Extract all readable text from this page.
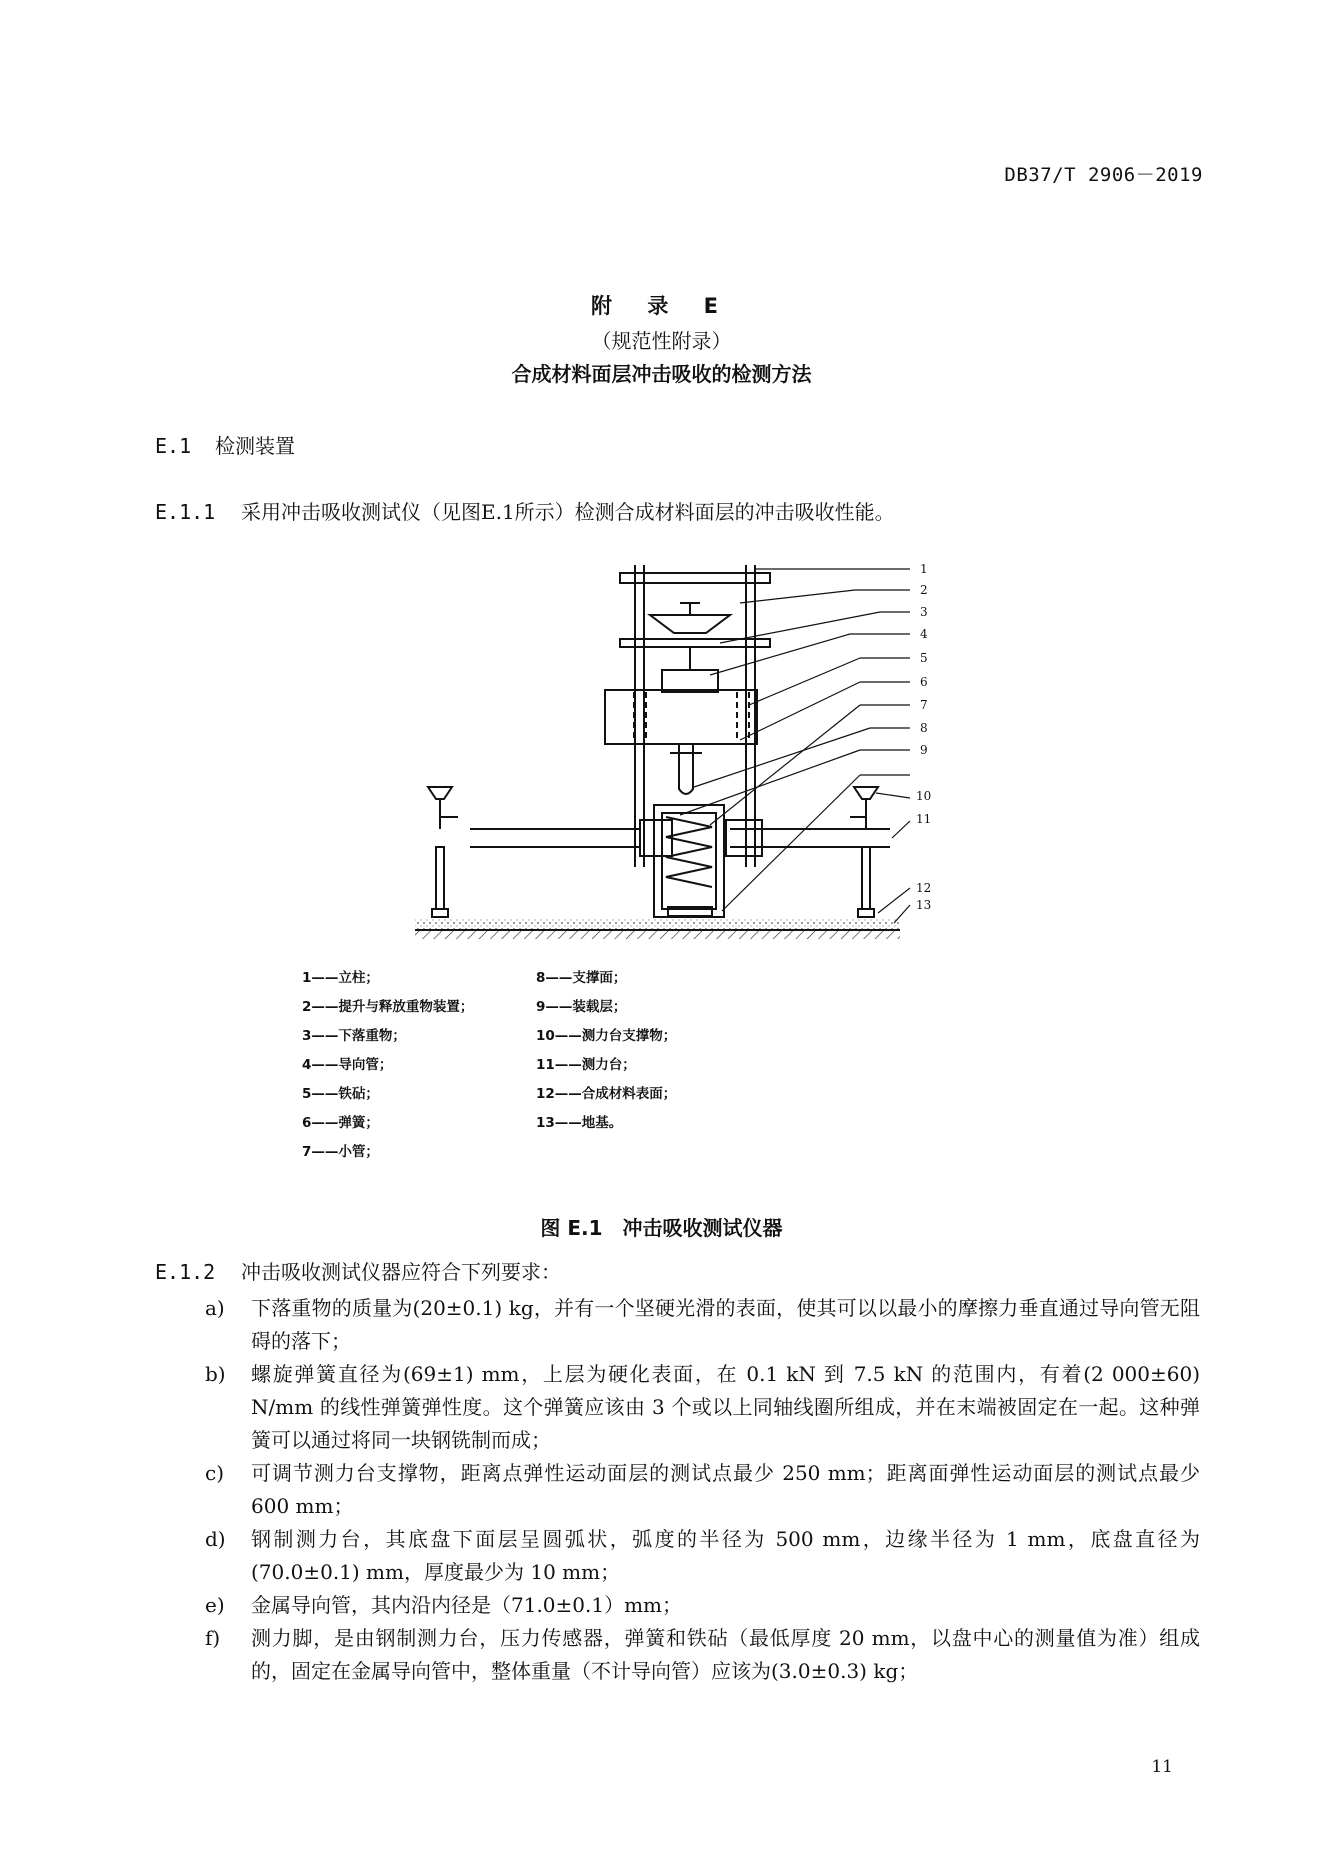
DB37/T 2906－2019
附 录 E
（规范性附录）
合成材料面层冲击吸收的检测方法
E.1 检测装置
E.1.1 采用冲击吸收测试仪（见图E.1所示）检测合成材料面层的冲击吸收性能。
1
2
3
4
5
6
7
8
9
10
11
12
13
1——立柱；
2——提升与释放重物装置；
3——下落重物；
4——导向管；
5——铁砧；
6——弹簧；
7——小管；
8——支撑面；
9——装载层；
10——测力台支撑物；
11——测力台；
12——合成材料表面；
13——地基。
图 E.1　冲击吸收测试仪器
E.1.2 冲击吸收测试仪器应符合下列要求：
a)	下落重物的质量为(20±0.1) kg，并有一个坚硬光滑的表面，使其可以以最小的摩擦力垂直通过导向管无阻碍的落下；
b)	螺旋弹簧直径为(69±1) mm，上层为硬化表面，在 0.1 kN 到 7.5 kN 的范围内，有着(2 000±60) N/mm 的线性弹簧弹性度。这个弹簧应该由 3 个或以上同轴线圈所组成，并在末端被固定在一起。这种弹簧可以通过将同一块钢铣制而成；
c)	可调节测力台支撑物，距离点弹性运动面层的测试点最少 250 mm；距离面弹性运动面层的测试点最少 600 mm；
d)	钢制测力台，其底盘下面层呈圆弧状，弧度的半径为 500 mm，边缘半径为 1 mm，底盘直径为(70.0±0.1) mm，厚度最少为 10 mm；
e)	金属导向管，其内沿内径是（71.0±0.1）mm；
f)	测力脚，是由钢制测力台，压力传感器，弹簧和铁砧（最低厚度 20 mm，以盘中心的测量值为准）组成的，固定在金属导向管中，整体重量（不计导向管）应该为(3.0±0.3) kg；
11
